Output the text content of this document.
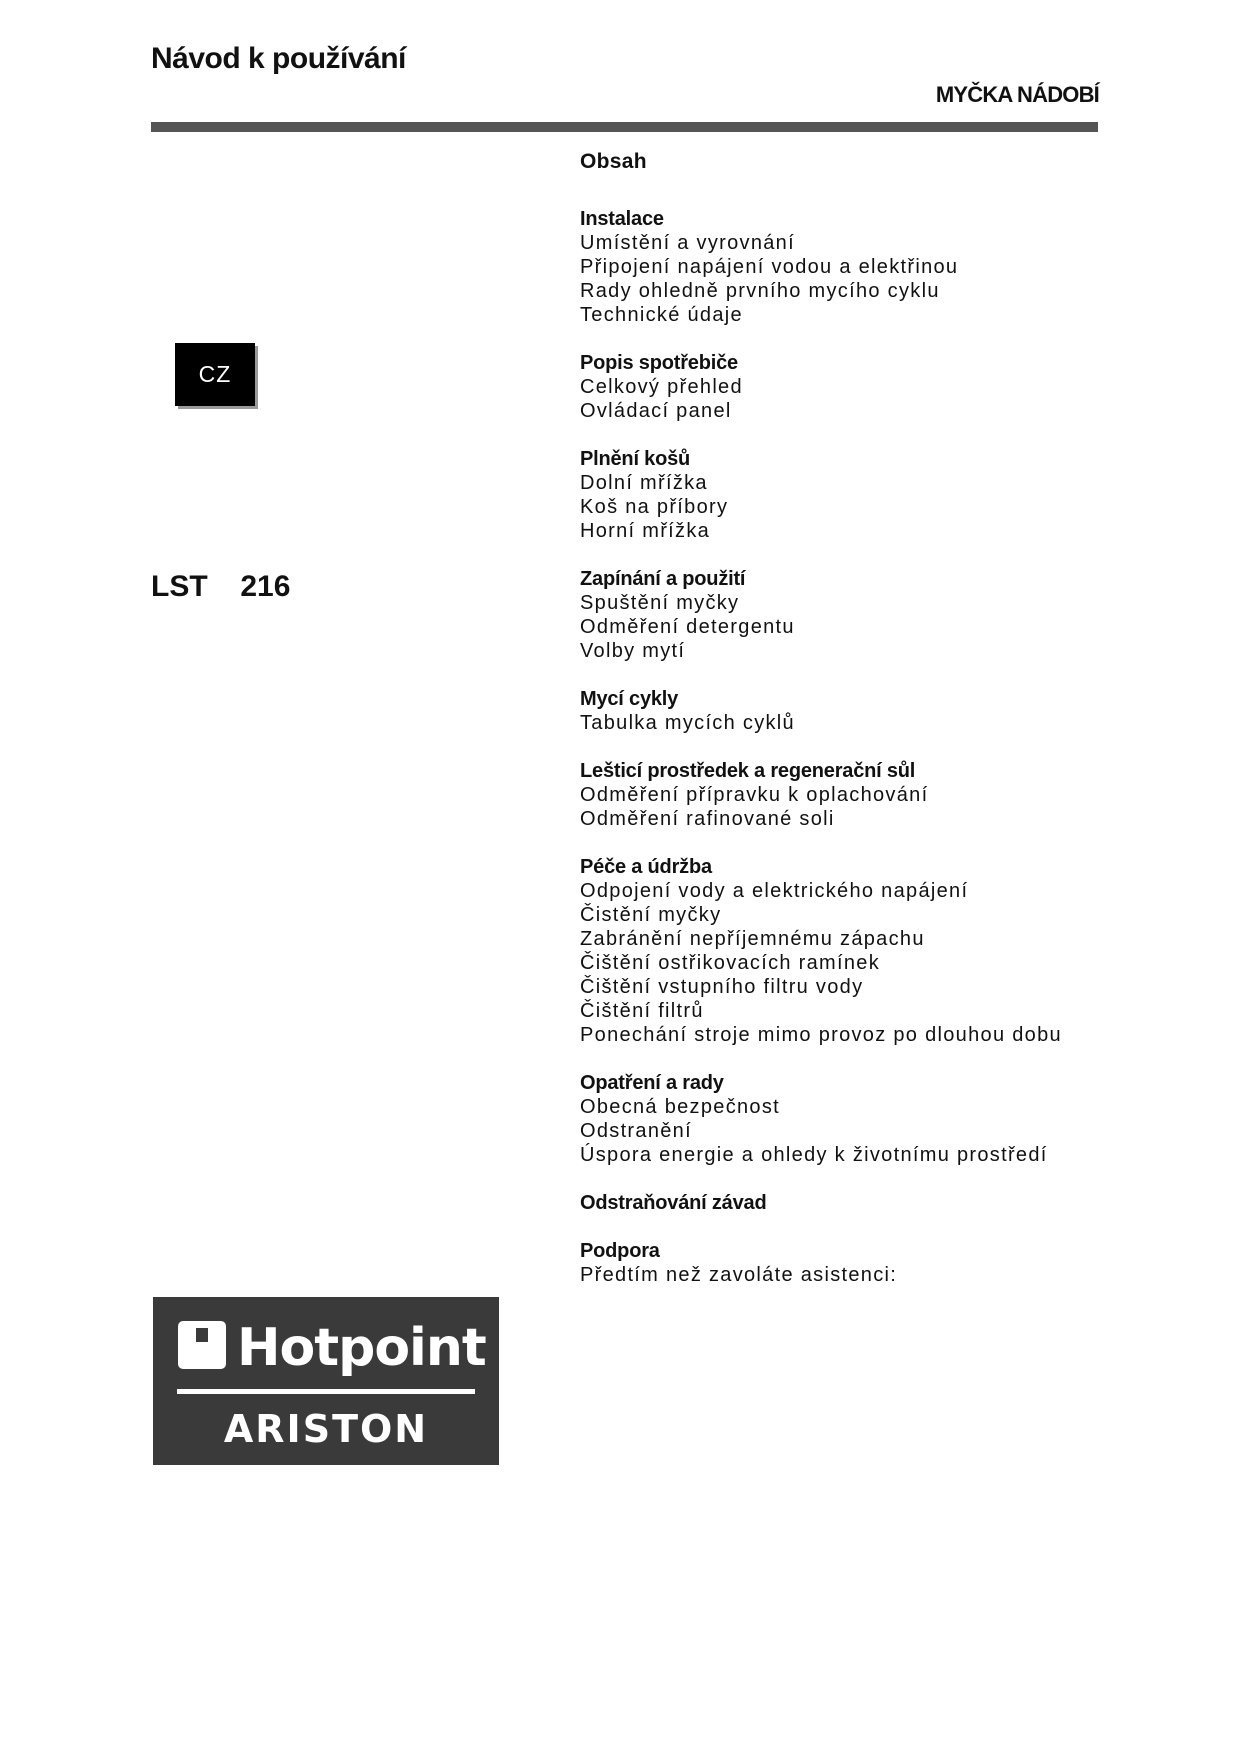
Návod k používání
MYČKA NÁDOBÍ
CZ
LST  216
Obsah
Instalace
Umístění a vyrovnání
Připojení napájení vodou a elektřinou
Rady ohledně prvního mycího cyklu
Technické údaje
Popis spotřebiče
Celkový přehled
Ovládací panel
Plnění košů
Dolní mřížka
Koš na příbory
Horní mřížka
Zapínání a použití
Spuštění myčky
Odměření detergentu
Volby mytí
Mycí cykly
Tabulka mycích cyklů
Lešticí prostředek a regenerační sůl
Odměření přípravku k oplachování
Odměření rafinované soli
Péče a údržba
Odpojení vody a elektrického napájení
Čistění myčky
Zabránění nepříjemnému zápachu
Čištění ostřikovacích ramínek
Čištění vstupního filtru vody
Čištění filtrů
Ponechání stroje mimo provoz po dlouhou dobu
Opatření a rady
Obecná bezpečnost
Odstranění
Úspora energie a ohledy k životnímu prostředí
Odstraňování závad
Podpora
Předtím než zavoláte asistenci:
Hotpoint
ARISTON
